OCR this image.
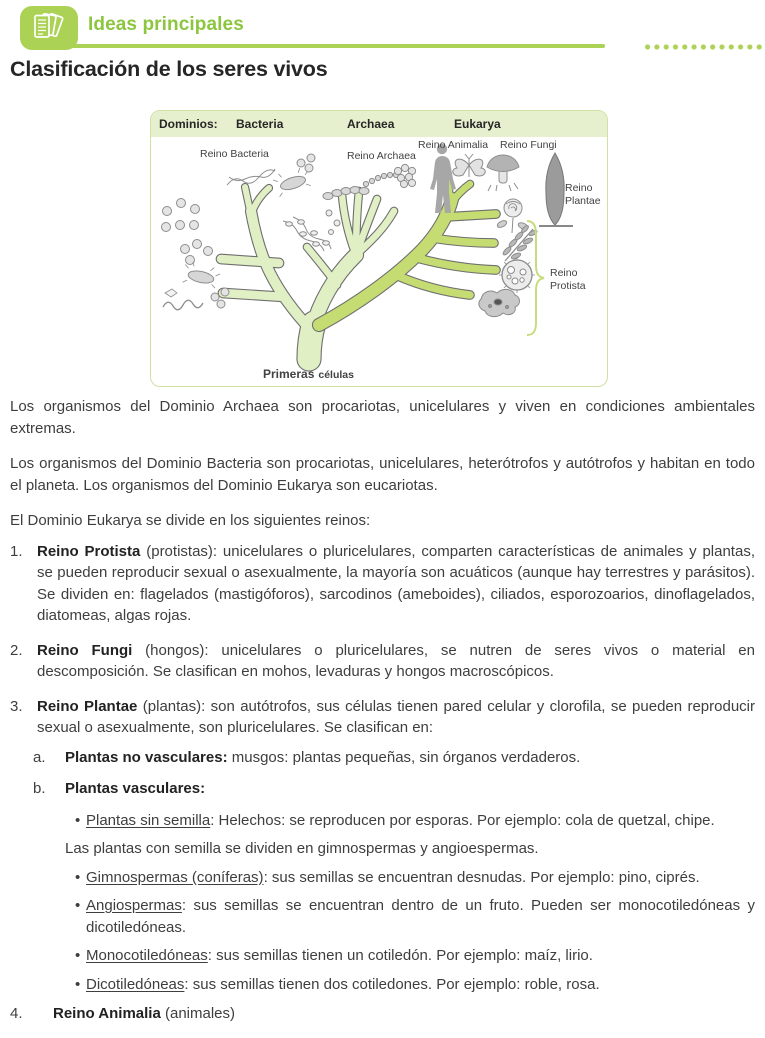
Ideas principales
Clasificación de los seres vivos
Dominios: Bacteria	Archaea	Eukarya
Reino Bacteria	Reino Archaea
Reino Animalia Reino Fungi
Reino
Plantae
Reino
Protista
Primeras células

Los organismos del Dominio Archaea son procariotas, unicelulares y viven en condiciones ambientales extremas.

Los organismos del Dominio Bacteria son procariotas, unicelulares, heterótrofos y autótrofos y habitan en todo el planeta. Los organismos del Dominio Eukarya son eucariotas.

El Dominio Eukarya se divide en los siguientes reinos:

1. Reino Protista (protistas): unicelulares o pluricelulares, comparten características de animales y plantas, se pueden reproducir sexual o asexualmente, la mayoría son acuáticos (aunque hay terrestres y parásitos). Se dividen en: flagelados (mastigóforos), sarcodinos (ameboides), ciliados, esporozoarios, dinoflagelados, diatomeas, algas rojas.
2. Reino Fungi (hongos): unicelulares o pluricelulares, se nutren de seres vivos o material en descomposición. Se clasifican en mohos, levaduras y hongos macroscópicos.
3. Reino Plantae (plantas): son autótrofos, sus células tienen pared celular y clorofila, se pueden reproducir sexual o asexualmente, son pluricelulares. Se clasifican en:
a. Plantas no vasculares: musgos: plantas pequeñas, sin órganos verdaderos.
b. Plantas vasculares:
• Plantas sin semilla: Helechos: se reproducen por esporas. Por ejemplo: cola de quetzal, chipe.
Las plantas con semilla se dividen en gimnospermas y angioespermas.
• Gimnospermas (coníferas): sus semillas se encuentran desnudas. Por ejemplo: pino, ciprés.
• Angiospermas: sus semillas se encuentran dentro de un fruto. Pueden ser monocotiledóneas y dicotiledóneas.
• Monocotiledóneas: sus semillas tienen un cotiledón. Por ejemplo: maíz, lirio.
• Dicotiledóneas: sus semillas tienen dos cotiledones. Por ejemplo: roble, rosa.
4. Reino Animalia (animales)
